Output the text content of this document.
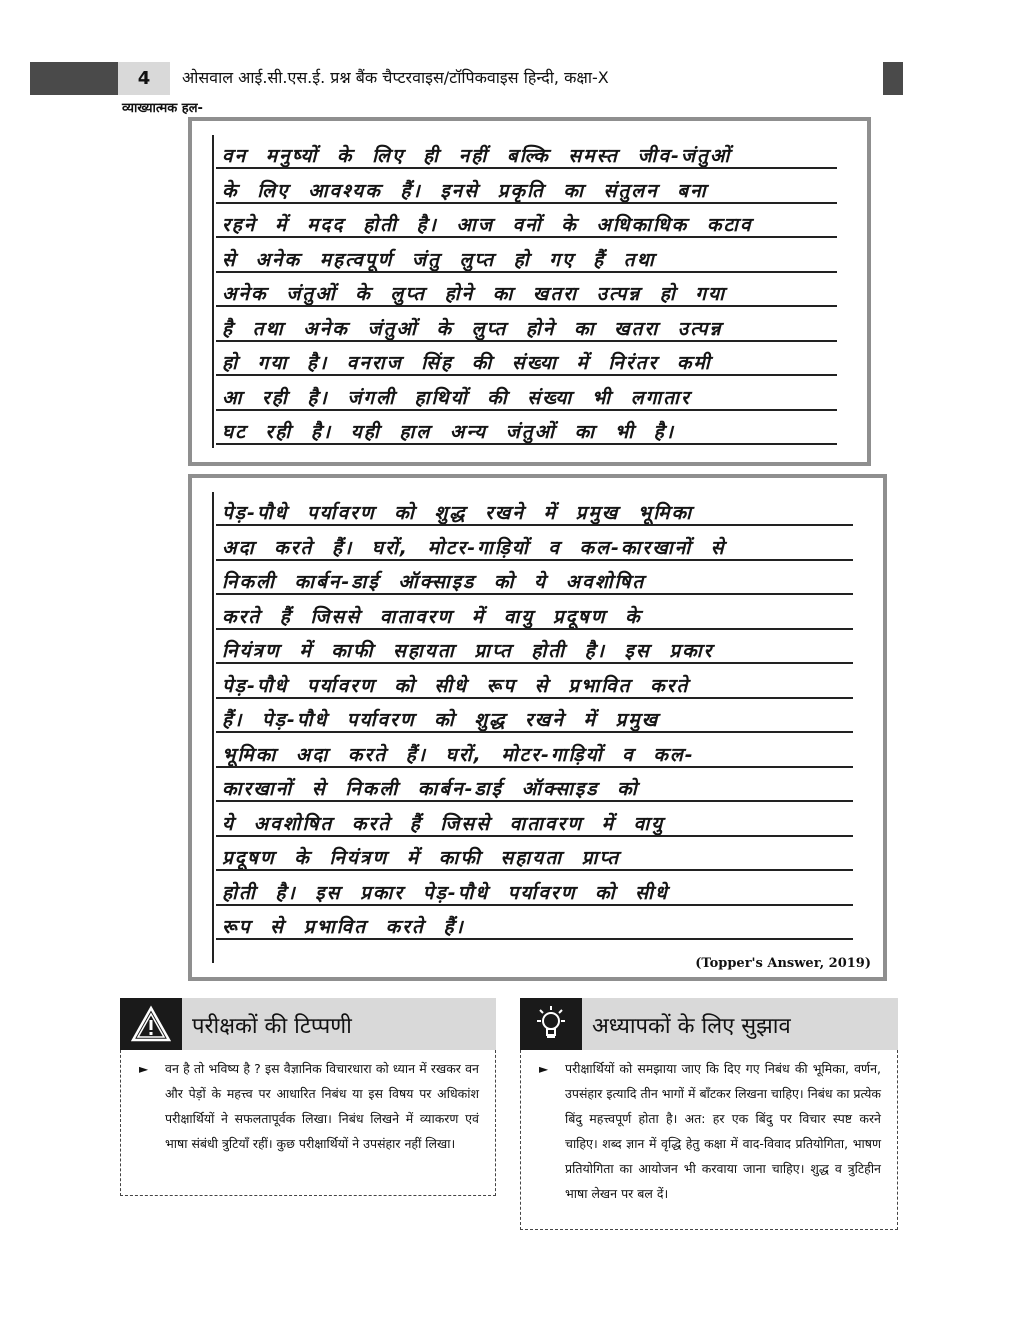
4	ओसवाल आई.सी.एस.ई. प्रश्न बैंक चैप्टरवाइस/टॉपिकवाइस हिन्दी, कक्षा-X
व्याख्यात्मक हल-
वन मनुष्यों के लिए ही नहीं बल्कि समस्त जीव-जंतुओं
के लिए आवश्यक हैं। इनसे प्रकृति का संतुलन बना
रहने में मदद होती है। आज वनों के अधिकाधिक कटाव
से अनेक महत्वपूर्ण जंतु लुप्त हो गए हैं तथा
अनेक जंतुओं के लुप्त होने का खतरा उत्पन्न हो गया
है तथा अनेक जंतुओं के लुप्त होने का खतरा उत्पन्न
हो गया है। वनराज सिंह की संख्या में निरंतर कमी
आ रही है। जंगली हाथियों की संख्या भी लगातार
घट रही है। यही हाल अन्य जंतुओं का भी है।
पेड़-पौधे पर्यावरण को शुद्ध रखने में प्रमुख भूमिका
अदा करते हैं। घरों, मोटर-गाड़ियों व कल-कारखानों से
निकली कार्बन-डाई ऑक्साइड को ये अवशोषित
करते हैं जिससे वातावरण में वायु प्रदूषण के
नियंत्रण में काफी सहायता प्राप्त होती है। इस प्रकार
पेड़-पौधे पर्यावरण को सीधे रूप से प्रभावित करते
हैं। पेड़-पौधे पर्यावरण को शुद्ध रखने में प्रमुख
भूमिका अदा करते हैं। घरों, मोटर-गाड़ियों व कल-
कारखानों से निकली कार्बन-डाई ऑक्साइड को
ये अवशोषित करते हैं जिससे वातावरण में वायु
प्रदूषण के नियंत्रण में काफी सहायता प्राप्त
होती है। इस प्रकार पेड़-पौधे पर्यावरण को सीधे
रूप से प्रभावित करते हैं।
(Topper's Answer, 2019)
परीक्षकों की टिप्पणी
► वन है तो भविष्य है ? इस वैज्ञानिक विचारधारा को ध्यान में रखकर वन और पेड़ों के महत्त्व पर आधारित निबंध या इस विषय पर अधिकांश परीक्षार्थियों ने सफलतापूर्वक लिखा। निबंध लिखने में व्याकरण एवं भाषा संबंधी त्रुटियाँ रहीं। कुछ परीक्षार्थियों ने उपसंहार नहीं लिखा।
अध्यापकों के लिए सुझाव
► परीक्षार्थियों को समझाया जाए कि दिए गए निबंध की भूमिका, वर्णन, उपसंहार इत्यादि तीन भागों में बाँटकर लिखना चाहिए। निबंध का प्रत्येक बिंदु महत्त्वपूर्ण होता है। अत: हर एक बिंदु पर विचार स्पष्ट करने चाहिए। शब्द ज्ञान में वृद्धि हेतु कक्षा में वाद-विवाद प्रतियोगिता, भाषण प्रतियोगिता का आयोजन भी करवाया जाना चाहिए। शुद्ध व त्रुटिहीन भाषा लेखन पर बल दें।
